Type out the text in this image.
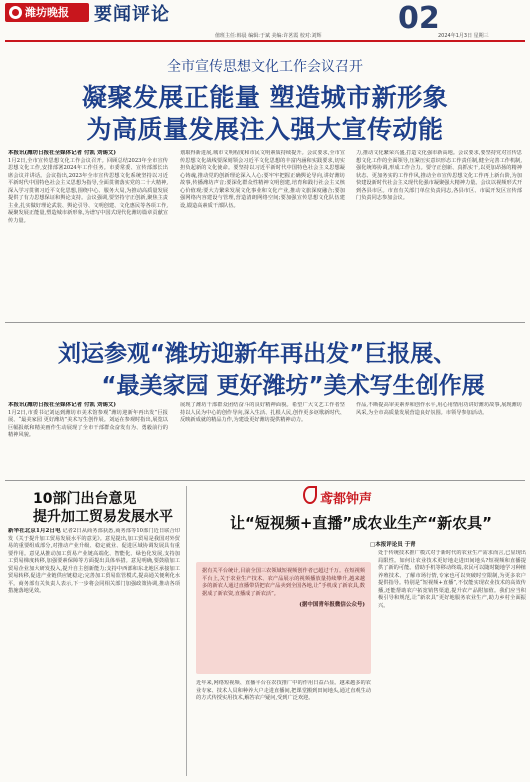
潍坊晚报	要闻评论
值班主任:韩晨 编辑:于斌 美编:许茗霞 校对:刘辉	02
2024年1月3日 星期三
全市宣传思想文化工作会议召开
凝聚发展正能量 塑造城市新形象
为高质量发展注入强大宣传动能
本报讯(潍坊日报社全媒体记者 付凯 刘锡文)
1月2日,全市宣传思想文化工作会议召开。回顾总结2023年全市宣传思想文化工作,安排部署2024年工作任务。市委常委、宣传部部长出席会议并讲话。会议指出,2023年全市宣传思想文化系统坚持以习近平新时代中国特色社会主义思想为指导,全面贯彻落实党的二十大精神,深入学习贯彻习近平文化思想,围绕中心、服务大局,为推动高质量发展提供了有力思想保证和舆论支持。会议强调,要坚持守正创新,聚焦主责主业,扎实做好理论武装、舆论引导、文明创建、文化惠民等各项工作,凝聚发展正能量,塑造城市新形象,为谱写中国式现代化潍坊篇章贡献宣传力量。
划取得新进展,城市文明程度和市民文明素质持续提升。会议要求,全市宣传思想文化战线要深刻领会习近平文化思想的丰富内涵和实践要求,切实担负起新的文化使命。要坚持以习近平新时代中国特色社会主义思想凝心铸魂,推动党的创新理论深入人心;要牢牢把握正确舆论导向,讲好潍坊故事,传播潍坊声音;要深化群众性精神文明创建,培育和践行社会主义核心价值观;要大力繁荣发展文化事业和文化产业,推动文旅深度融合;要加强网络内容建设与管理,营造清朗网络空间;要加强宣传思想文化队伍建设,锻造高素质干部队伍。
力,推动文化繁荣兴盛,打造文化强市新高地。会议要求,要坚持党对宣传思想文化工作的全面领导,压紧压实意识形态工作责任制,健全完善工作机制,强化统筹协调,形成工作合力。要守正创新、真抓实干,以更加昂扬的精神状态、更加务实的工作作风,推动全市宣传思想文化工作再上新台阶,为加快建设新时代社会主义现代化强市凝聚强大精神力量。会议以视频形式开到各县市区。市直有关部门单位负责同志,各县市区、市属开发区宣传部门负责同志参加会议。
刘运参观“潍坊迎新年再出发”巨报展、
“最美家园 更好潍坊”美术写生创作展
本报讯(潍坊日报社全媒体记者 付凯 刘锡文)
1月2日,市委书记刘运到潍坊市美术馆参观“潍坊迎新年再出发”巨报展、“最美家园 更好潍坊”美术写生创作展。刘运在参观时指出,展览以巨幅报纸和精美画作生动展现了全市干部群众奋发有为、勇毅前行的精神风貌。
展现了潍坊干部群众团结奋斗的良好精神面貌。希望广大文艺工作者坚持以人民为中心的创作导向,深入生活、扎根人民,创作更多讴歌新时代、反映新成就的精品力作,为建设更好潍坊提供精神动力。
作品,不断提高审美素养和创作水平,用心用情用功讲好潍坊故事,展现潍坊风采,为全市高质量发展营造良好氛围。市领导参加活动。
10部门出台意见
提升加工贸易发展水平
新华社北京1月2日电 记者2日从商务部获悉,商务部等10部门近日联合印发《关于提升加工贸易发展水平的意见》。意见提出,加工贸易是我国对外贸易的重要组成部分,对推动产业升级、稳定就业、促进区域协调发展具有重要作用。意见从推动加工贸易产业链高端化、智能化、绿色化发展,支持加工贸易梯度转移,加强要素保障等方面提出具体举措。意见明确,要鼓励加工贸易企业加大研发投入,提升自主创新能力;支持中西部和东北地区承接加工贸易转移,促进产业链供应链稳定;完善加工贸易监管模式,提高通关便利化水平。商务部有关负责人表示,下一步将会同相关部门加强政策协调,推动各项措施落地见效。
鸢都钟声
让“短视频+直播”成农业生产“新农具”
□本报评论员 于青
据有关平台统计,目前全国三农领域短视频创作者已超过千万。在短视频平台上,关于农业生产技术、农产品展示的视频播放量持续攀升,越来越多的新农人通过直播带货把农产品卖到全国各地,让“手机成了新农具,数据成了新农资,直播成了新农活”。
(据中国青年报微信公众号)
处于传统技术推广模式对于新时代的农业生产需求而言,已显现出局限性。如何让农业技术更好地走进田间地头?短视频和直播提供了新的可能。借助手机等移动终端,农民可以随时随地学习种植养殖技术、了解市场行情,专家也可以突破时空限制,为更多农户提供指导。特别是“短视频+直播”,不仅能实现农业技术的高效传播,还能帮助农户拓宽销售渠道,提升农产品附加值。我们应当积极引导和规范,让“新农具”更好地服务农业生产,助力乡村全面振兴。
近年来,网络短视频、直播平台在农技推广中的作用日益凸显。越来越多的农业专家、技术人员和种养大户走进直播间,把课堂搬到田间地头,通过直观生动的方式传授实用技术,解答农户疑问,受到广泛欢迎。
